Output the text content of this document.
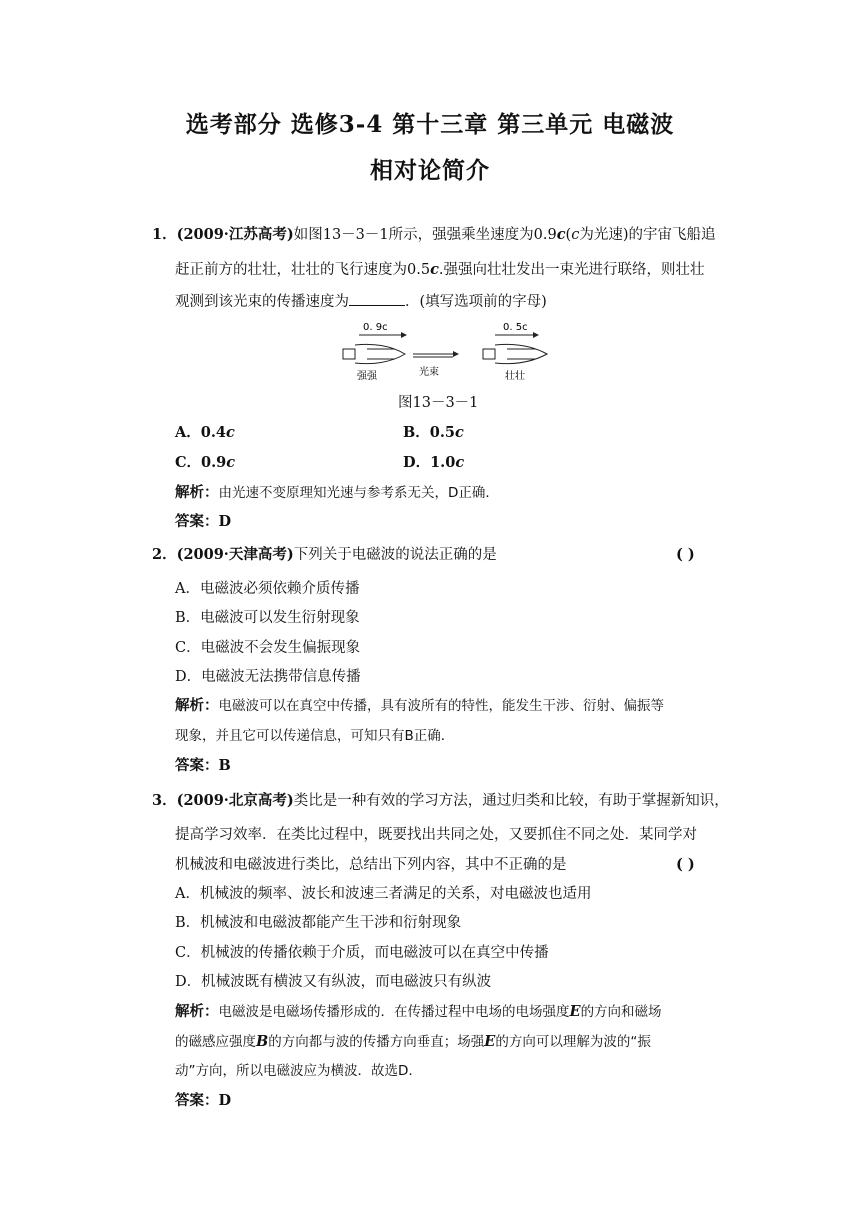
选考部分 选修3-4 第十三章 第三单元 电磁波
相对论简介
1．(2009·江苏高考)如图13－3－1所示，强强乘坐速度为0.9c(c为光速)的宇宙飞船追
赶正前方的壮壮，壮壮的飞行速度为0.5c.强强向壮壮发出一束光进行联络，则壮壮
观测到该光束的传播速度为	．(填写选项前的字母)
0. 9c	0. 5c
强强	光束	壮壮
图13－3－1
A．0.4c	B．0.5c
C．0.9c	D．1.0c
解析：由光速不变原理知光速与参考系无关，D正确．
答案：D
2．(2009·天津高考)下列关于电磁波的说法正确的是	( )
A．电磁波必须依赖介质传播
B．电磁波可以发生衍射现象
C．电磁波不会发生偏振现象
D．电磁波无法携带信息传播
解析：电磁波可以在真空中传播，具有波所有的特性，能发生干涉、衍射、偏振等
现象，并且它可以传递信息，可知只有B正确．
答案：B
3．(2009·北京高考)类比是一种有效的学习方法，通过归类和比较，有助于掌握新知识，
提高学习效率．在类比过程中，既要找出共同之处，又要抓住不同之处．某同学对
机械波和电磁波进行类比，总结出下列内容，其中不正确的是	( )
A．机械波的频率、波长和波速三者满足的关系，对电磁波也适用
B．机械波和电磁波都能产生干涉和衍射现象
C．机械波的传播依赖于介质，而电磁波可以在真空中传播
D．机械波既有横波又有纵波，而电磁波只有纵波
解析：电磁波是电磁场传播形成的．在传播过程中电场的电场强度E的方向和磁场
的磁感应强度B的方向都与波的传播方向垂直；场强E的方向可以理解为波的“振
动”方向，所以电磁波应为横波．故选D.
答案：D
